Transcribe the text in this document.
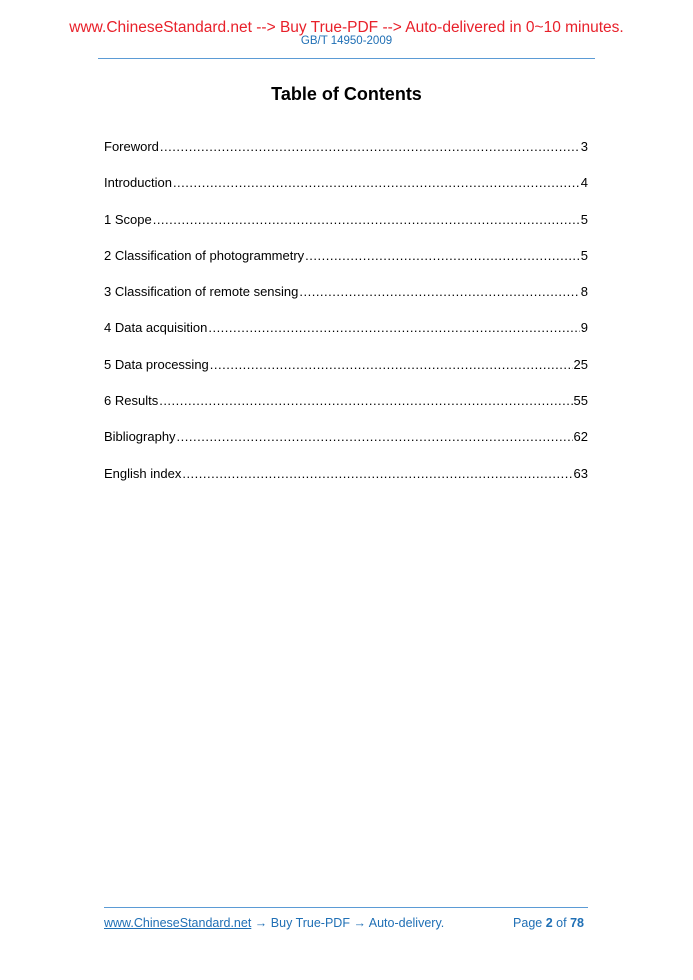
www.ChineseStandard.net --> Buy True-PDF --> Auto-delivered in 0~10 minutes.
GB/T 14950-2009
Table of Contents
Foreword .....	3
Introduction .....	4
1 Scope .....	5
2 Classification of photogrammetry .....	5
3 Classification of remote sensing .....	8
4 Data acquisition .....	9
5 Data processing .....	25
6 Results .....	55
Bibliography .....	62
English index .....	63
www.ChineseStandard.net → Buy True-PDF → Auto-delivery.	Page 2 of 78
